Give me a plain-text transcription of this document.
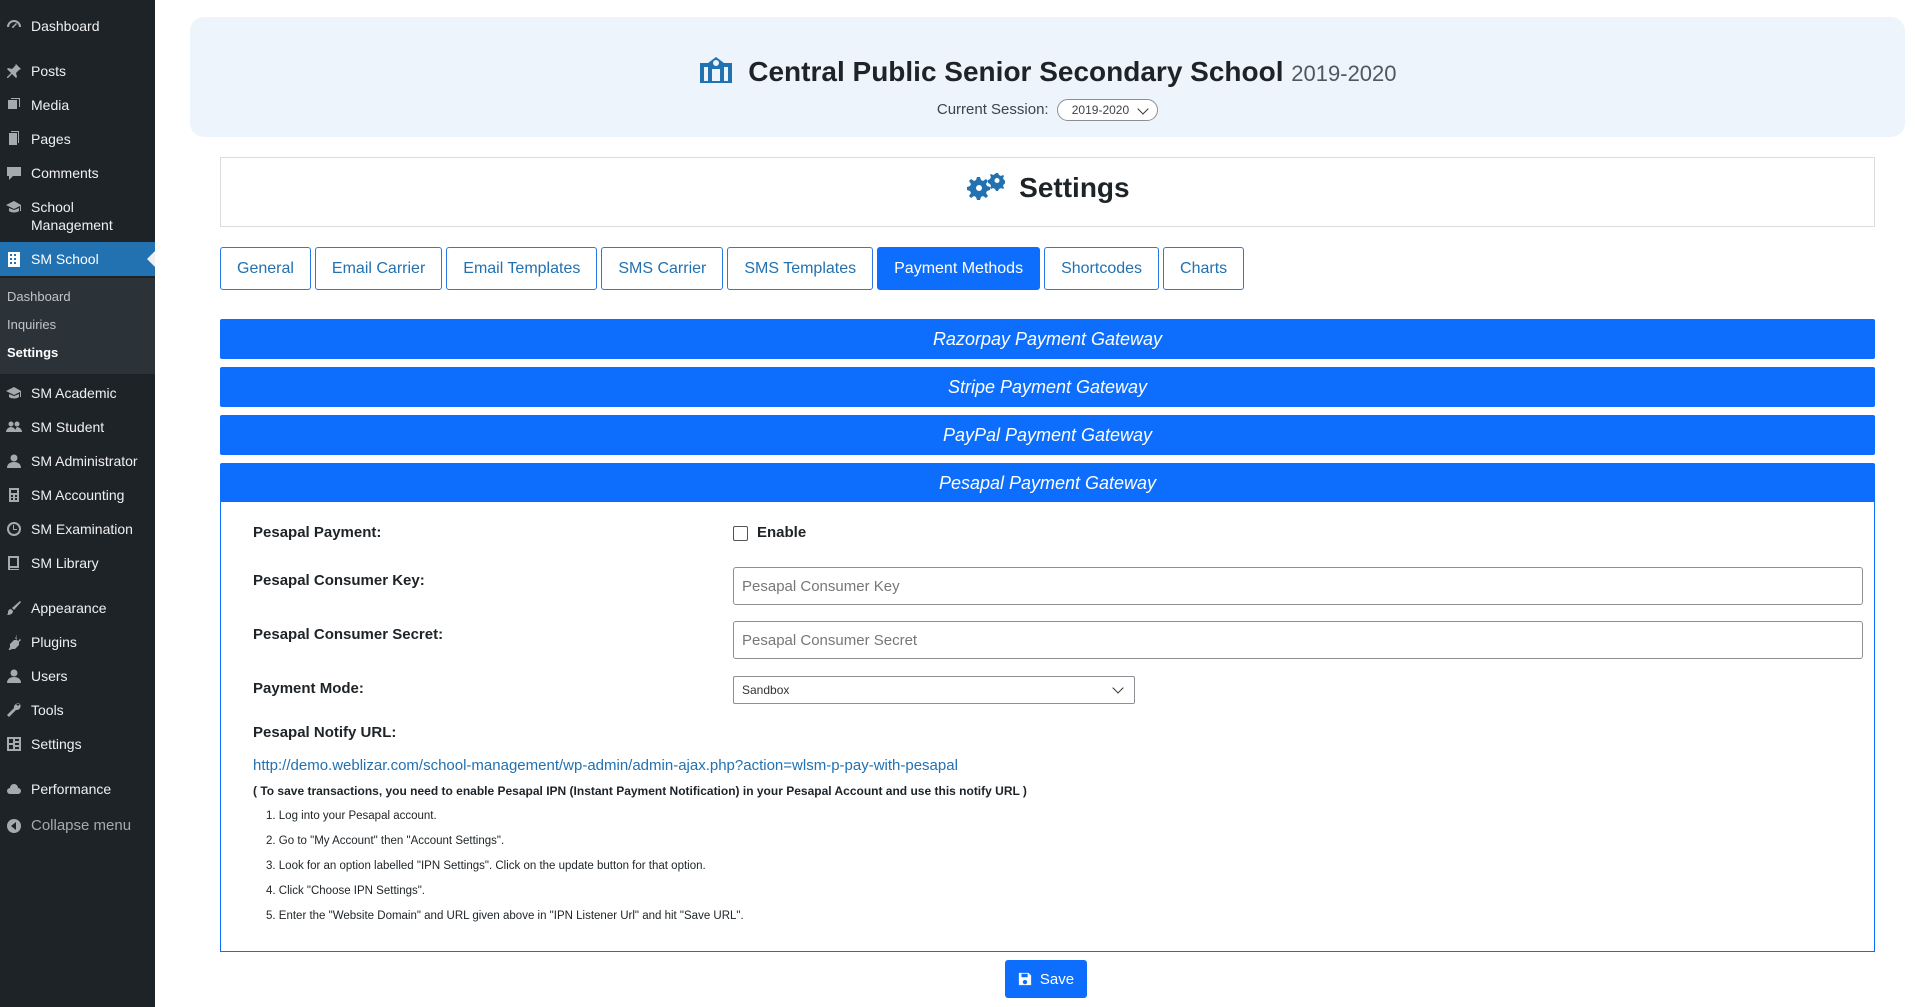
Dashboard
Posts
Media
Pages
Comments
School Management
SM School
Dashboard
Inquiries
Settings
SM Academic
SM Student
SM Administrator
SM Accounting
SM Examination
SM Library
Appearance
Plugins
Users
Tools
Settings
Performance
Collapse menu
Central Public Senior Secondary School 2019-2020
Current Session: 2019-2020
Settings
General	Email Carrier	Email Templates	SMS Carrier	SMS Templates	Payment Methods	Shortcodes	Charts
Razorpay Payment Gateway
Stripe Payment Gateway
PayPal Payment Gateway
Pesapal Payment Gateway
Pesapal Payment:	Enable
Pesapal Consumer Key:	Pesapal Consumer Key
Pesapal Consumer Secret:	Pesapal Consumer Secret
Payment Mode:	Sandbox
Pesapal Notify URL:
http://demo.weblizar.com/school-management/wp-admin/admin-ajax.php?action=wlsm-p-pay-with-pesapal
( To save transactions, you need to enable Pesapal IPN (Instant Payment Notification) in your Pesapal Account and use this notify URL )
1. Log into your Pesapal account.
2. Go to "My Account" then "Account Settings".
3. Look for an option labelled "IPN Settings". Click on the update button for that option.
4. Click "Choose IPN Settings".
5. Enter the "Website Domain" and URL given above in "IPN Listener Url" and hit "Save URL".
Save
